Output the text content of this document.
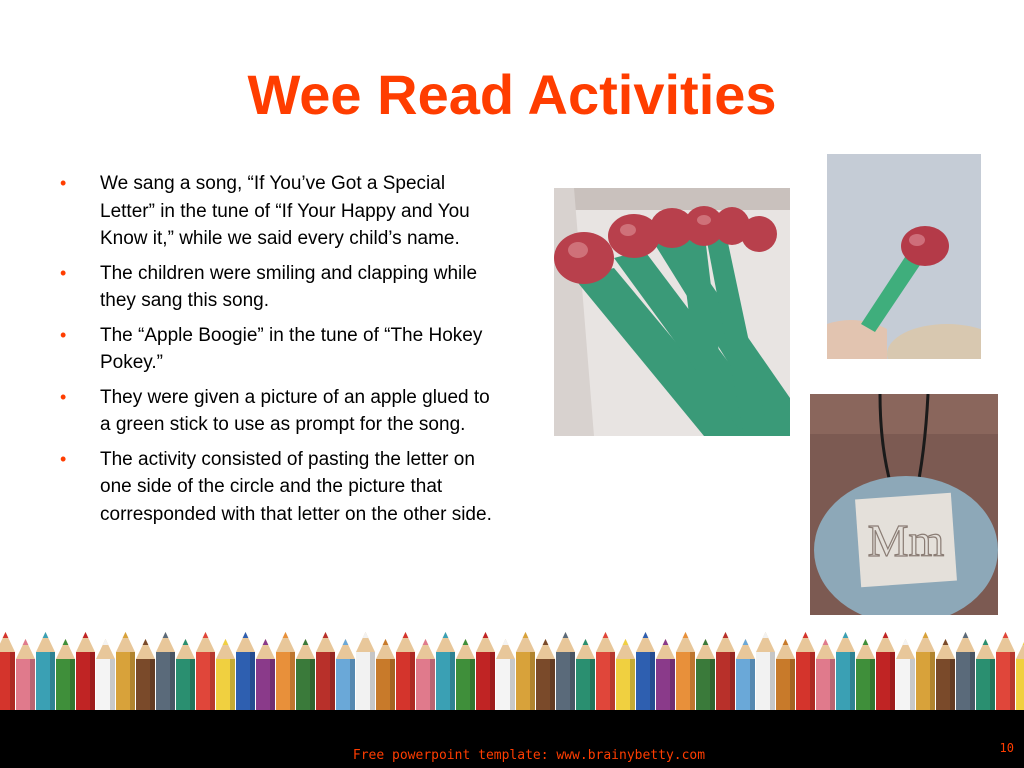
Wee Read Activities
• We sang a song, “If You’ve Got a Special Letter” in the tune of “If Your Happy and You Know it,” while we said every child’s name.
• The children were smiling and clapping while they sang this song.
• The “Apple Boogie” in the tune of “The Hokey Pokey.”
• They were given a picture of an apple glued to a green stick to use as prompt for the song.
• The activity consisted of pasting the letter on one side of the circle and the picture that corresponded with that letter on the other side.
Mm
Free powerpoint template: www.brainybetty.com	10
